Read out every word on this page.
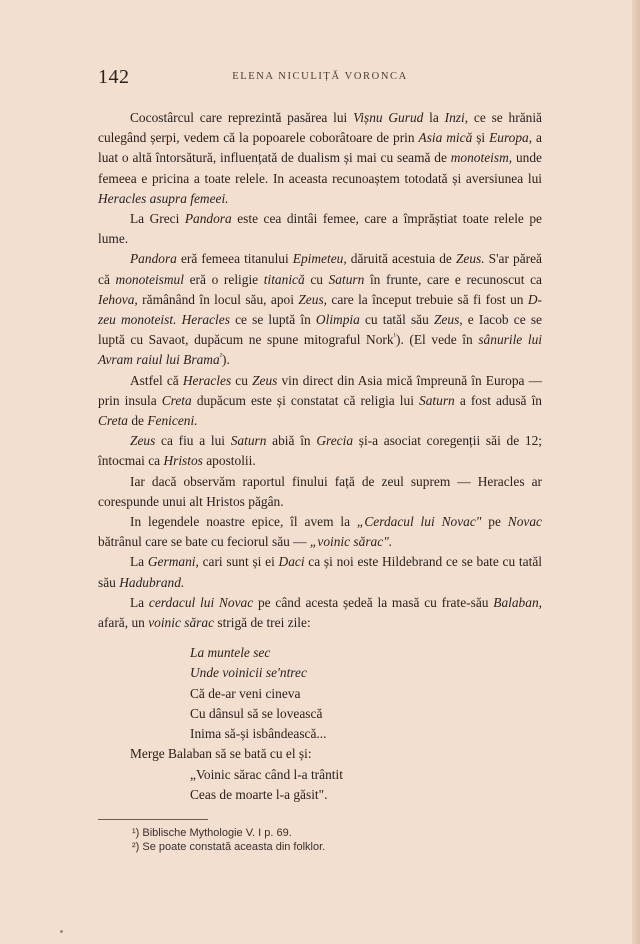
142	ELENA NICULIȚĂ VORONCA

Cocostârcul care reprezintă pasărea lui Vișnu Gurud la Inzi, ce se hrăniă culegând șerpi, vedem că la popoarele coborâtoare de prin Asia mică și Europa, a luat o altă întorsătură, influențată de dualism și mai cu seamă de monoteism, unde femeea e pricina a toate relele. In aceasta recunoaștem totodată și aversiunea lui Heracles asupra femeei.

La Greci Pandora este cea dintâi femee, care a împrăștiat toate relele pe lume.

Pandora eră femeea titanului Epimeteu, dăruită acestuia de Zeus. S'ar păreă că monoteismul eră o religie titanică cu Saturn în frunte, care e recunoscut ca Iehova, rămânând în locul său, apoi Zeus, care la început trebuie să fi fost un D-zeu monoteist. Heracles ce se luptă în Olimpia cu tatăl său Zeus, e Iacob ce se luptă cu Savaot, dupăcum ne spune mitograful Nork$^{^1}$). (El vede în sânurile lui Avram raiul lui Brama$^{^2}$).

Astfel că Heracles cu Zeus vin direct din Asia mică împreună în Europa — prin insula Creta dupăcum este și constatat că religia lui Saturn a fost adusă în Creta de Feniceni.

Zeus ca fiu a lui Saturn abiă în Grecia și-a asociat coregenții săi de 12; întocmai ca Hristos apostolii.

Iar dacă observăm raportul finului față de zeul suprem — Heracles ar corespunde unui alt Hristos păgân.

In legendele noastre epice, îl avem la „Cerdacul lui Novac" pe Novac bătrânul care se bate cu feciorul său — „voinic sărac".

La Germani, cari sunt și ei Daci ca și noi este Hildebrand ce se bate cu tatăl său Hadubrand.

La cerdacul lui Novac pe când acesta ședeă la masă cu frate-său Balaban, afară, un voinic sărac strigă de trei zile:

La muntele sec
Unde voinicii se'ntrec
Că de-ar veni cineva
Cu dânsul să se lovească
Inima să-și isbândească...
Merge Balaban să se bată cu el și:
„Voinic sărac când l-a trântit
Ceas de moarte l-a găsit".
¹) Biblische Mythologie V. I p. 69.
²) Se poate constată aceasta din folklor.
